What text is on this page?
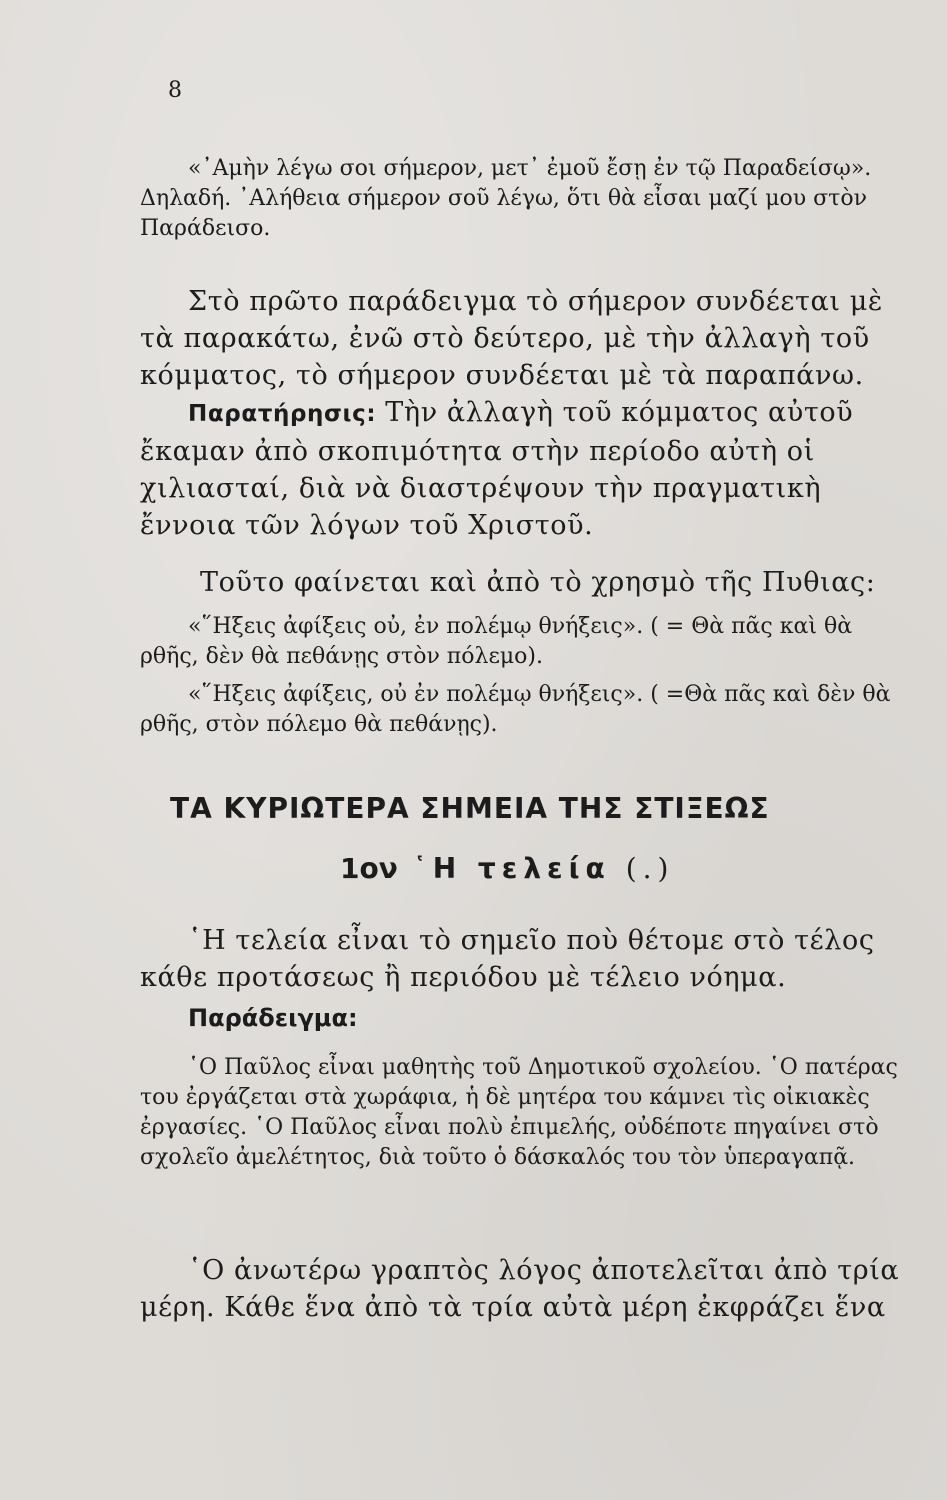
8

«᾿Αμὴν λέγω σοι σήμερον, μετ᾿ ἐμοῦ ἔσῃ ἐν τῷ Παραδείσῳ». Δηλαδή. ᾿Αλήθεια σήμερον σοῦ λέγω, ὅτι θὰ εἶσαι μαζί μου στὸν Παράδεισο.

Στὸ πρῶτο παράδειγμα τὸ σήμερον συνδέεται μὲ τὰ παρακάτω, ἐνῶ στὸ δεύτερο, μὲ τὴν ἀλλαγὴ τοῦ κόμματος, τὸ σήμερον συνδέεται μὲ τὰ παραπάνω.

Παρατήρησις: Τὴν ἀλλαγὴ τοῦ κόμματος αὐτοῦ ἔκαμαν ἀπὸ σκοπιμότητα στὴν περίοδο αὐτὴ οἱ χιλιασταί, διὰ νὰ διαστρέψουν τὴν πραγματικὴ ἔννοια τῶν λόγων τοῦ Χριστοῦ.

Τοῦτο φαίνεται καὶ ἀπὸ τὸ χρησμὸ τῆς Πυθιας:

«῞Ηξεις ἀφίξεις οὐ, ἐν πολέμῳ θνήξεις». ( = Θὰ πᾶς καὶ θὰ ρθῆς, δὲν θὰ πεθάνῃς στὸν πόλεμο).

«῞Ηξεις ἀφίξεις, οὐ ἐν πολέμῳ θνήξεις». ( =Θὰ πᾶς καὶ δὲν θὰ ρθῆς, στὸν πόλεμο θὰ πεθάνῃς).

ΤΑ ΚΥΡΙΩΤΕΡΑ ΣΗΜΕΙΑ ΤΗΣ ΣΤΙΞΕΩΣ
1ον ῾Η τελεία (.)

῾Η τελεία εἶναι τὸ σημεῖο ποὺ θέτομε στὸ τέλος κάθε προτάσεως ἢ περιόδου μὲ τέλειο νόημα.

Παράδειγμα:

῾Ο Παῦλος εἶναι μαθητὴς τοῦ Δημοτικοῦ σχολείου. ῾Ο πατέρας του ἐργάζεται στὰ χωράφια, ἡ δὲ μητέρα του κάμνει τὶς οἰκιακὲς ἐργασίες. ῾Ο Παῦλος εἶναι πολὺ ἐπιμελής, οὐδέποτε πηγαίνει στὸ σχολεῖο ἀμελέτητος, διὰ τοῦτο ὁ δάσκαλός του τὸν ὑπεραγαπᾷ.

῾Ο ἀνωτέρω γραπτὸς λόγος ἀποτελεῖται ἀπὸ τρία μέρη. Κάθε ἕνα ἀπὸ τὰ τρία αὐτὰ μέρη ἐκφράζει ἕνα
